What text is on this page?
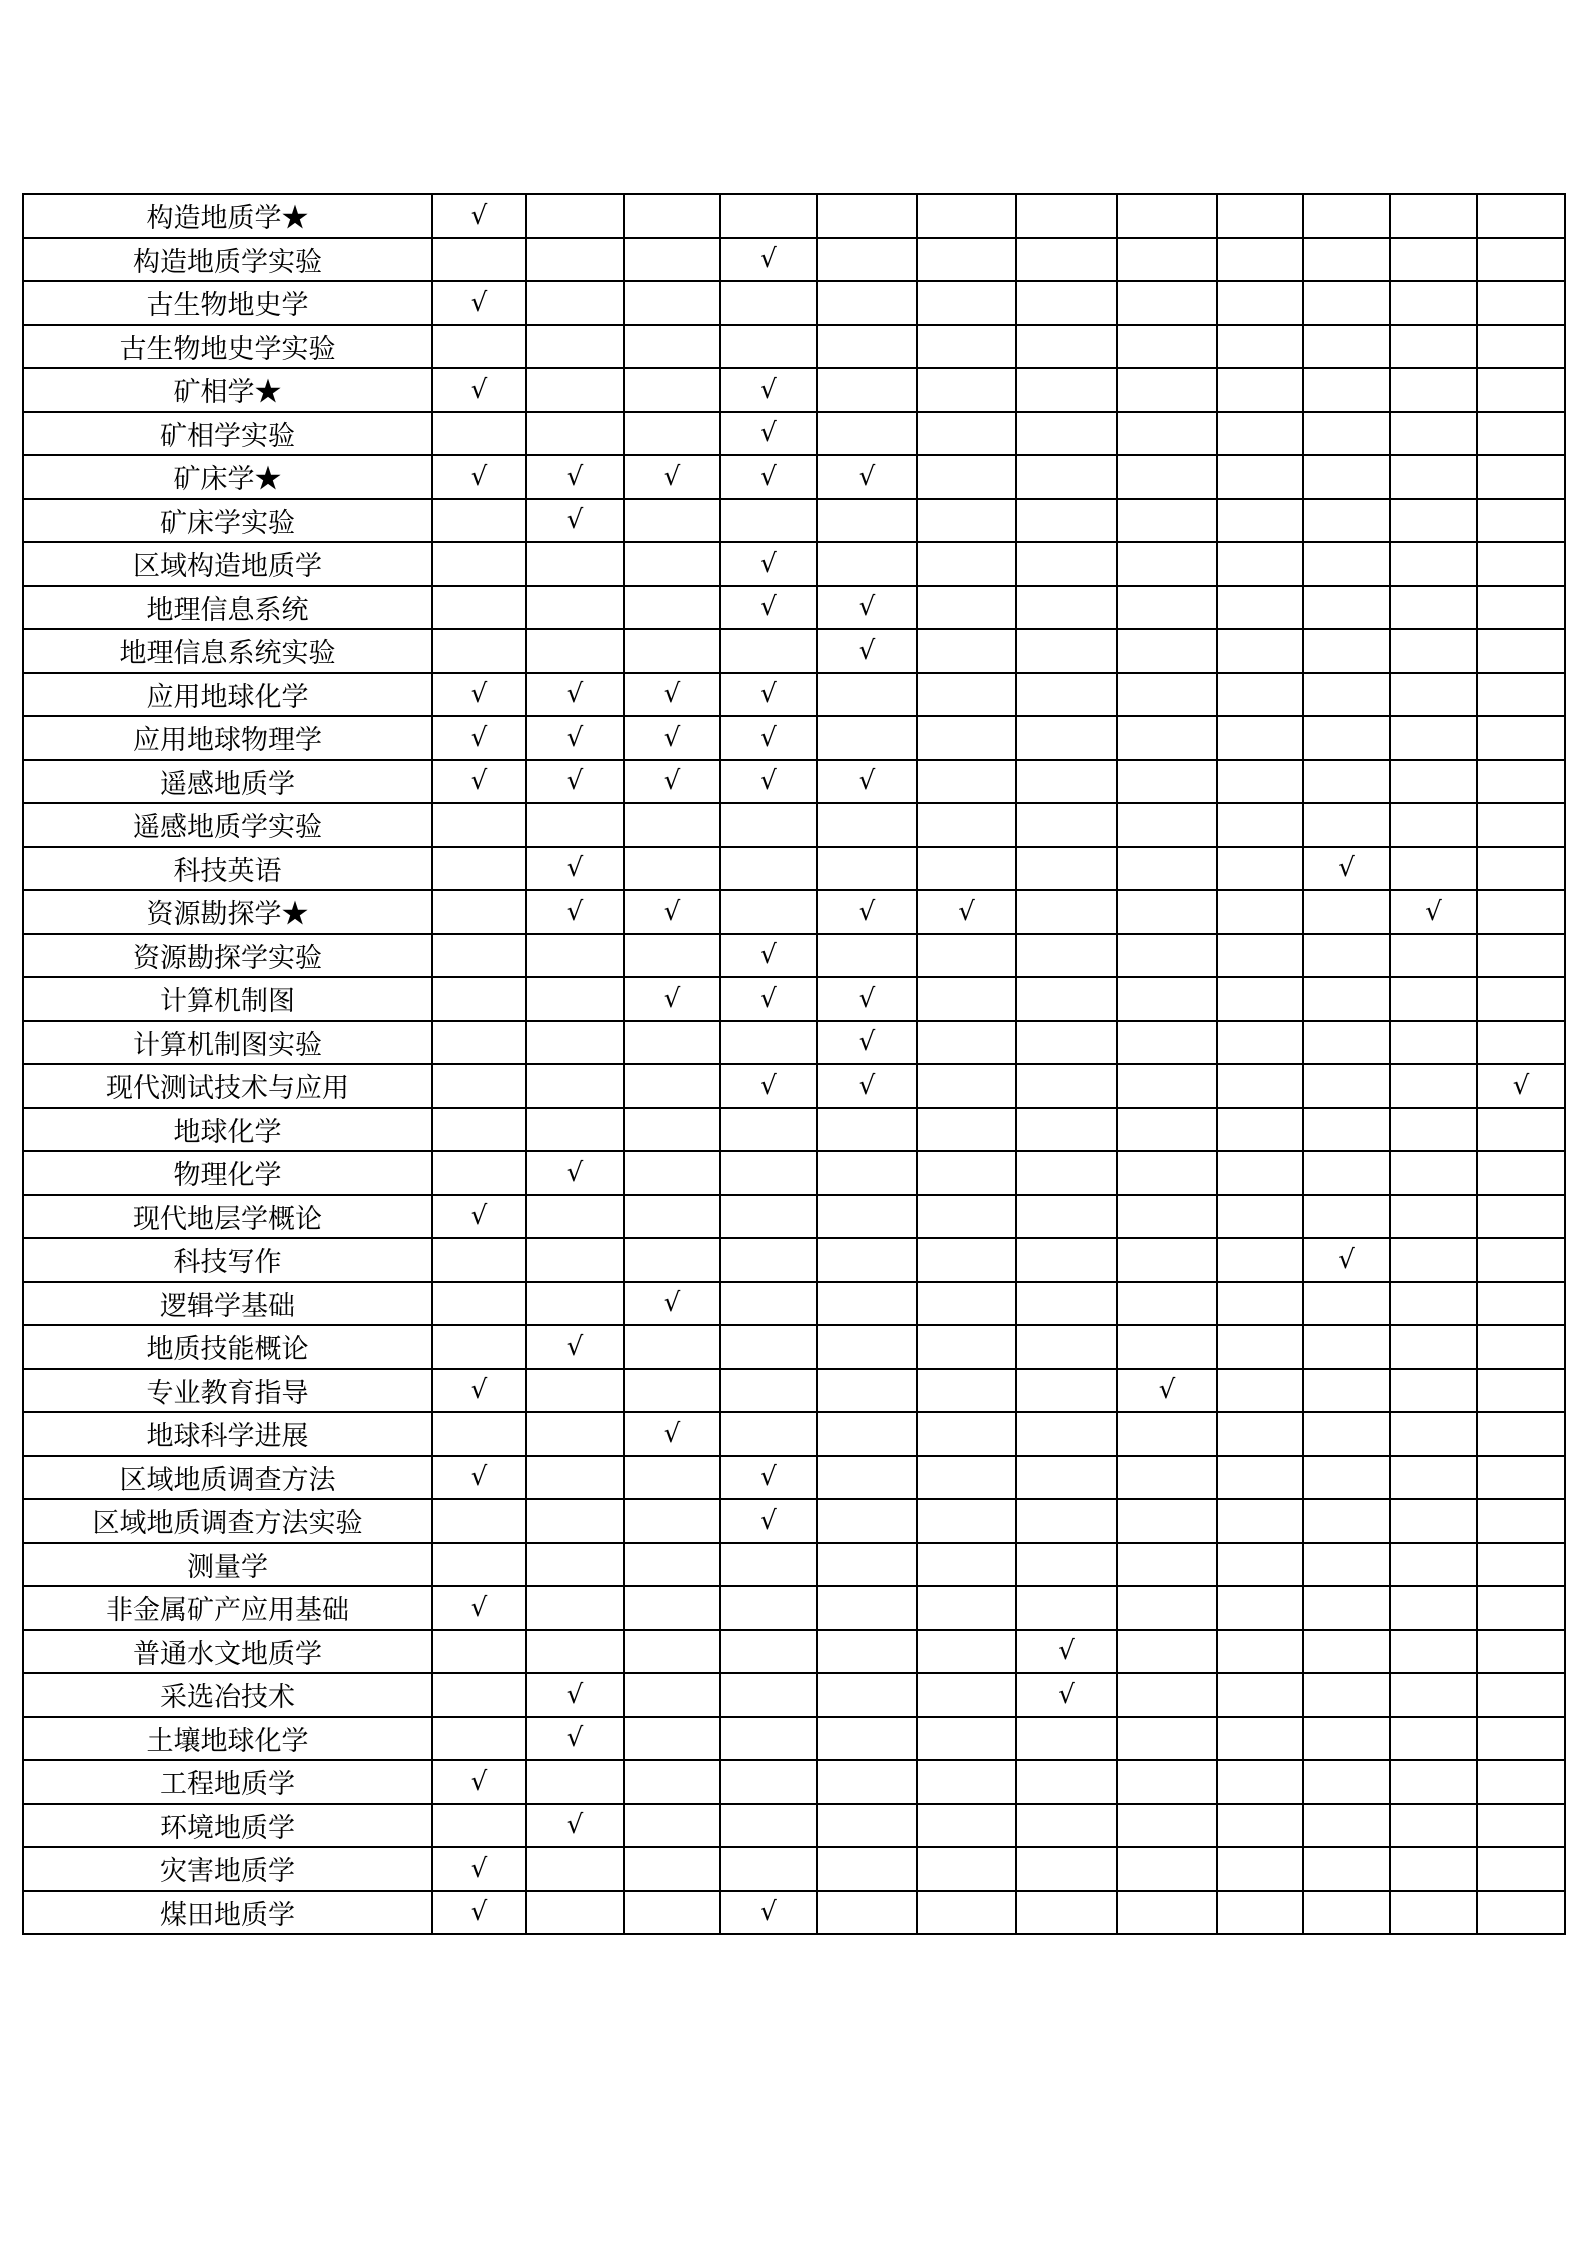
构造地质学★	√											
构造地质学实验				√								
古生物地史学	√											
古生物地史学实验												
矿相学★	√			√								
矿相学实验				√								
矿床学★	√	√	√	√	√							
矿床学实验		√										
区域构造地质学				√								
地理信息系统				√	√							
地理信息系统实验					√							
应用地球化学	√	√	√	√								
应用地球物理学	√	√	√	√								
遥感地质学	√	√	√	√	√							
遥感地质学实验												
科技英语		√								√		
资源勘探学★		√	√		√	√					√	
资源勘探学实验				√								
计算机制图			√	√	√							
计算机制图实验					√							
现代测试技术与应用				√	√							√
地球化学												
物理化学		√										
现代地层学概论	√											
科技写作										√		
逻辑学基础			√									
地质技能概论		√										
专业教育指导	√							√				
地球科学进展			√									
区域地质调查方法	√			√								
区域地质调查方法实验				√								
测量学												
非金属矿产应用基础	√											
普通水文地质学							√					
采选冶技术		√					√					
土壤地球化学		√										
工程地质学	√											
环境地质学		√										
灾害地质学	√											
煤田地质学	√			√								
